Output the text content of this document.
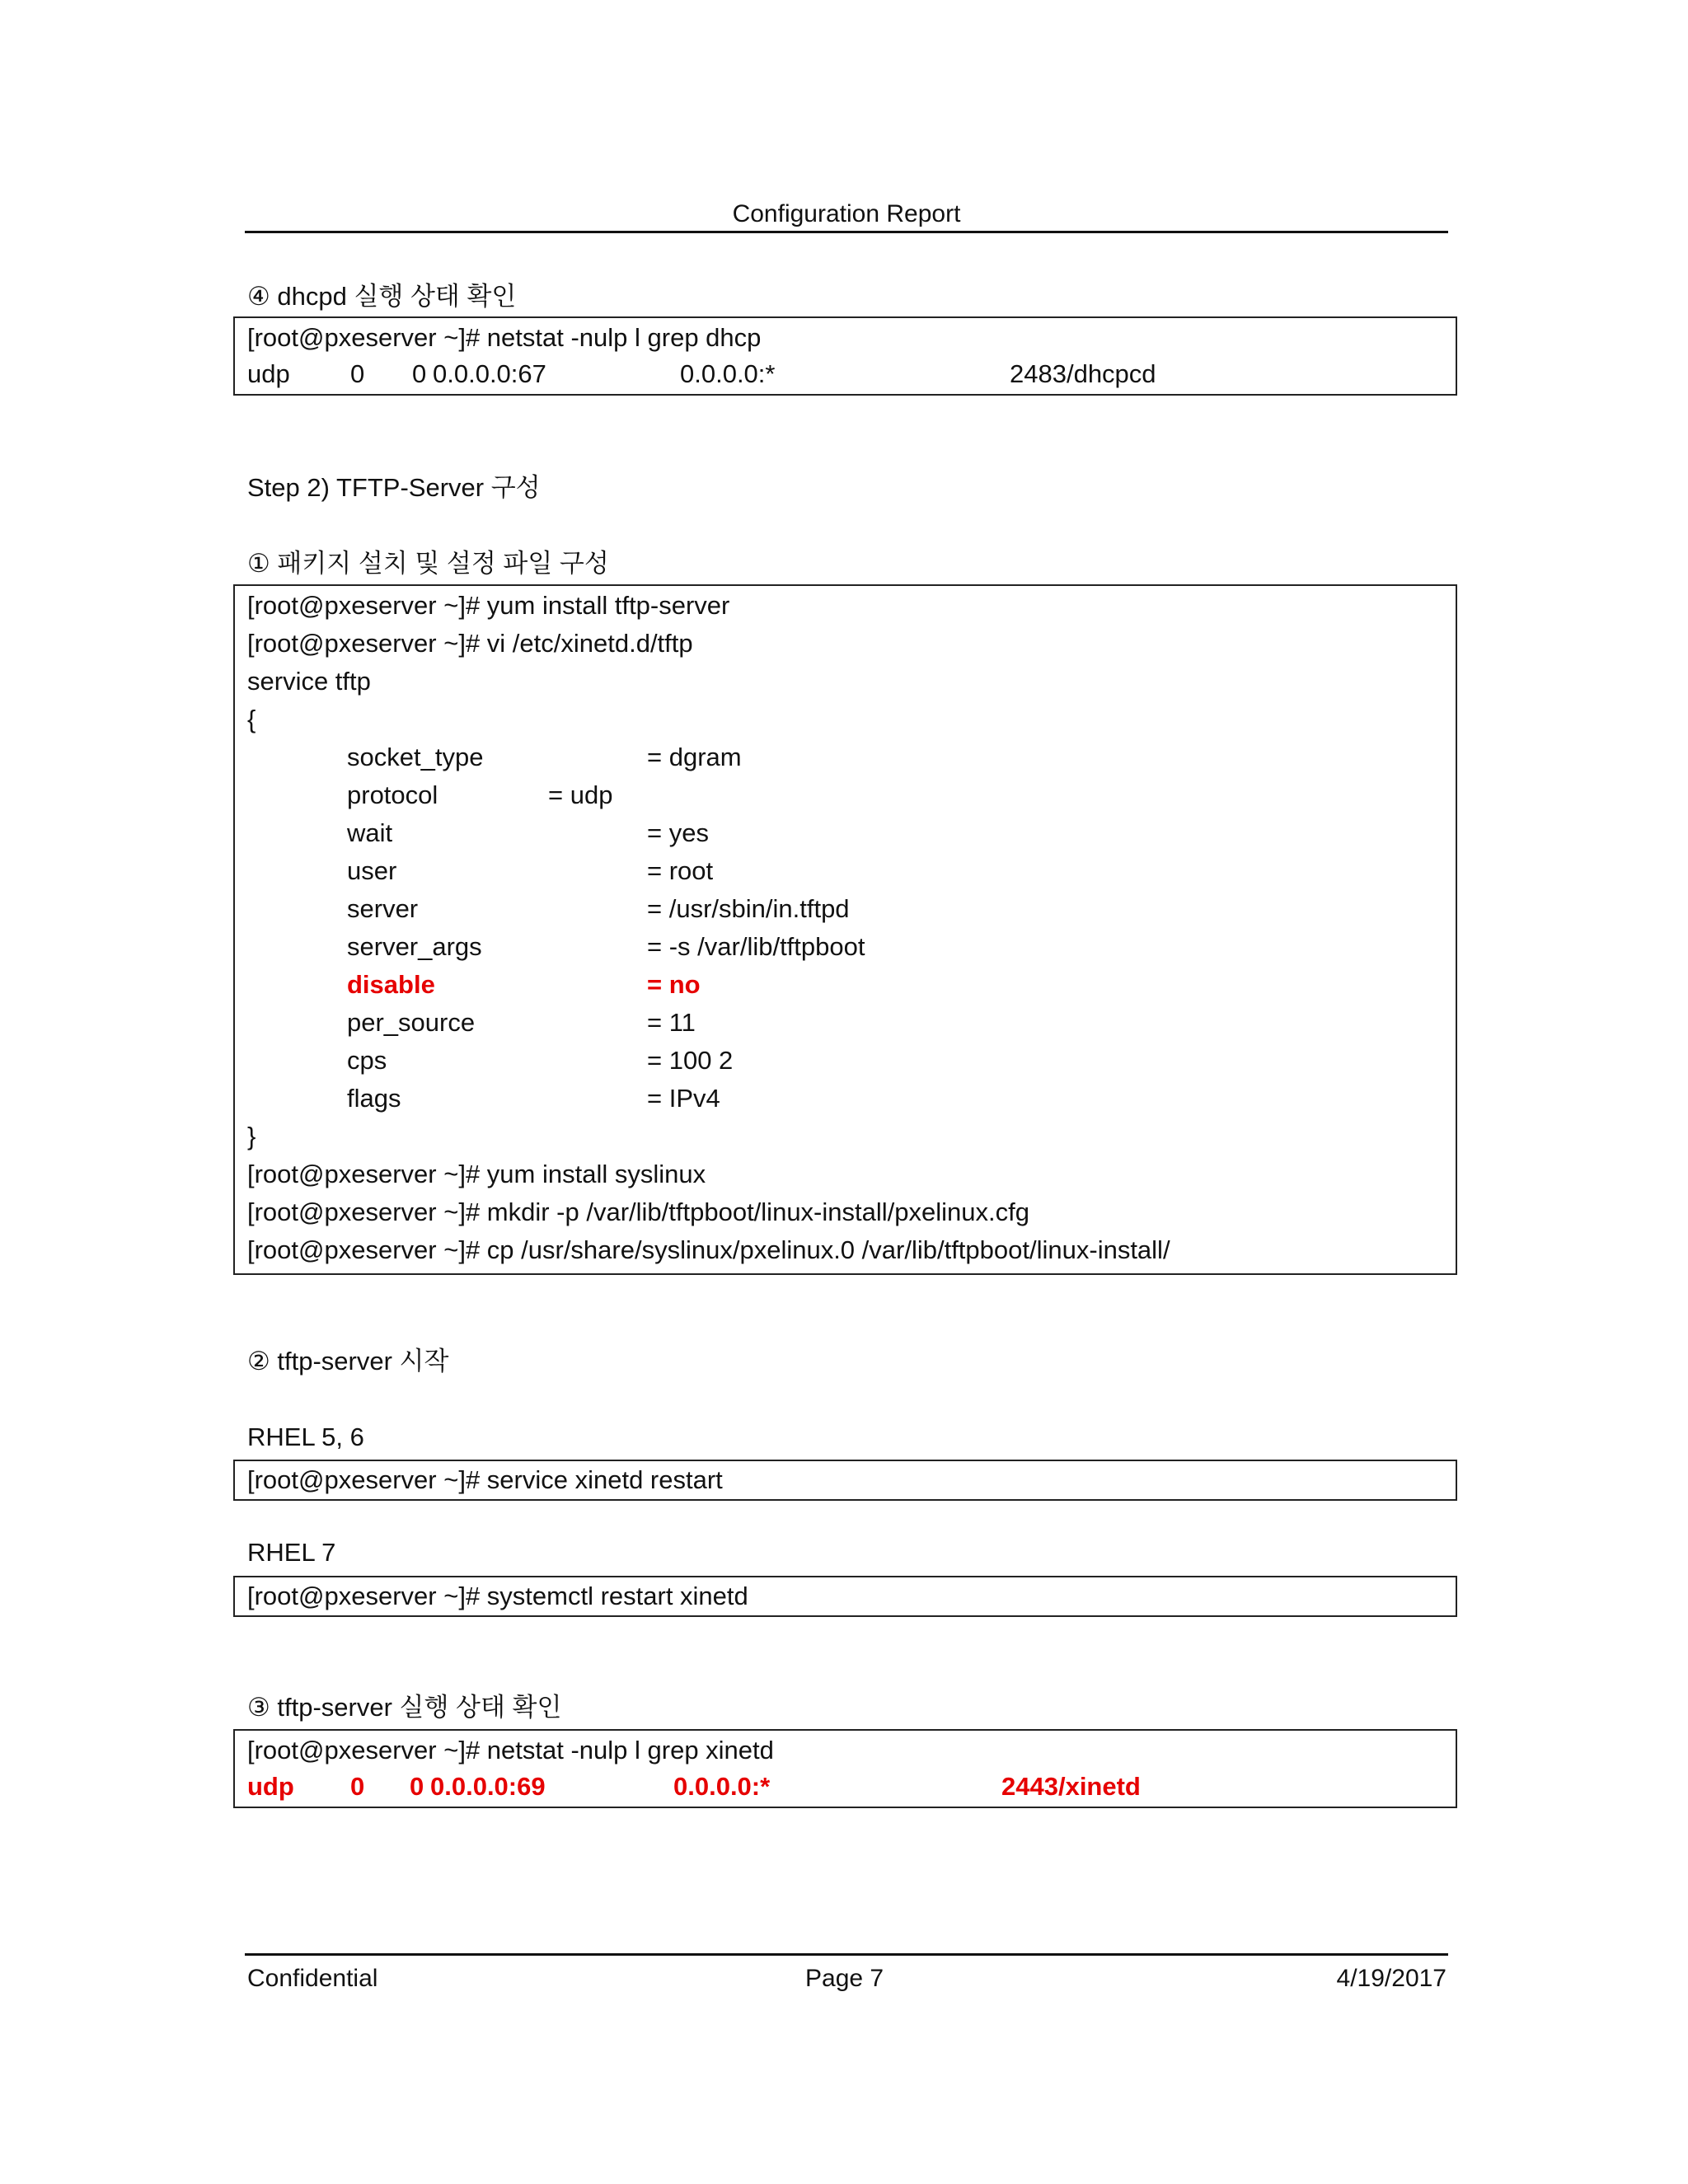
Configuration Report
④ dhcpd 실행 상태 확인
[root@pxeserver ~]# netstat -nulp l grep dhcp
udp 0 0 0.0.0.0:67	0.0.0.0:*	2483/dhcpcd
Step 2) TFTP-Server 구성
① 패키지 설치 및 설정 파일 구성
[root@pxeserver ~]# yum install tftp-server
[root@pxeserver ~]# vi /etc/xinetd.d/tftp
service tftp
{
socket_type	= dgram
protocol	= udp
wait	= yes
user	= root
server	= /usr/sbin/in.tftpd
server_args	= -s /var/lib/tftpboot
disable	= no
per_source	= 11
cps	= 100 2
flags	= IPv4
}
[root@pxeserver ~]# yum install syslinux
[root@pxeserver ~]# mkdir -p /var/lib/tftpboot/linux-install/pxelinux.cfg
[root@pxeserver ~]# cp /usr/share/syslinux/pxelinux.0 /var/lib/tftpboot/linux-install/
② tftp-server 시작
RHEL 5, 6
[root@pxeserver ~]# service xinetd restart
RHEL 7
[root@pxeserver ~]# systemctl restart xinetd
③ tftp-server 실행 상태 확인
[root@pxeserver ~]# netstat -nulp l grep xinetd
udp 0 0 0.0.0.0:69	0.0.0.0:*	2443/xinetd
Confidential	Page 7	4/19/2017
